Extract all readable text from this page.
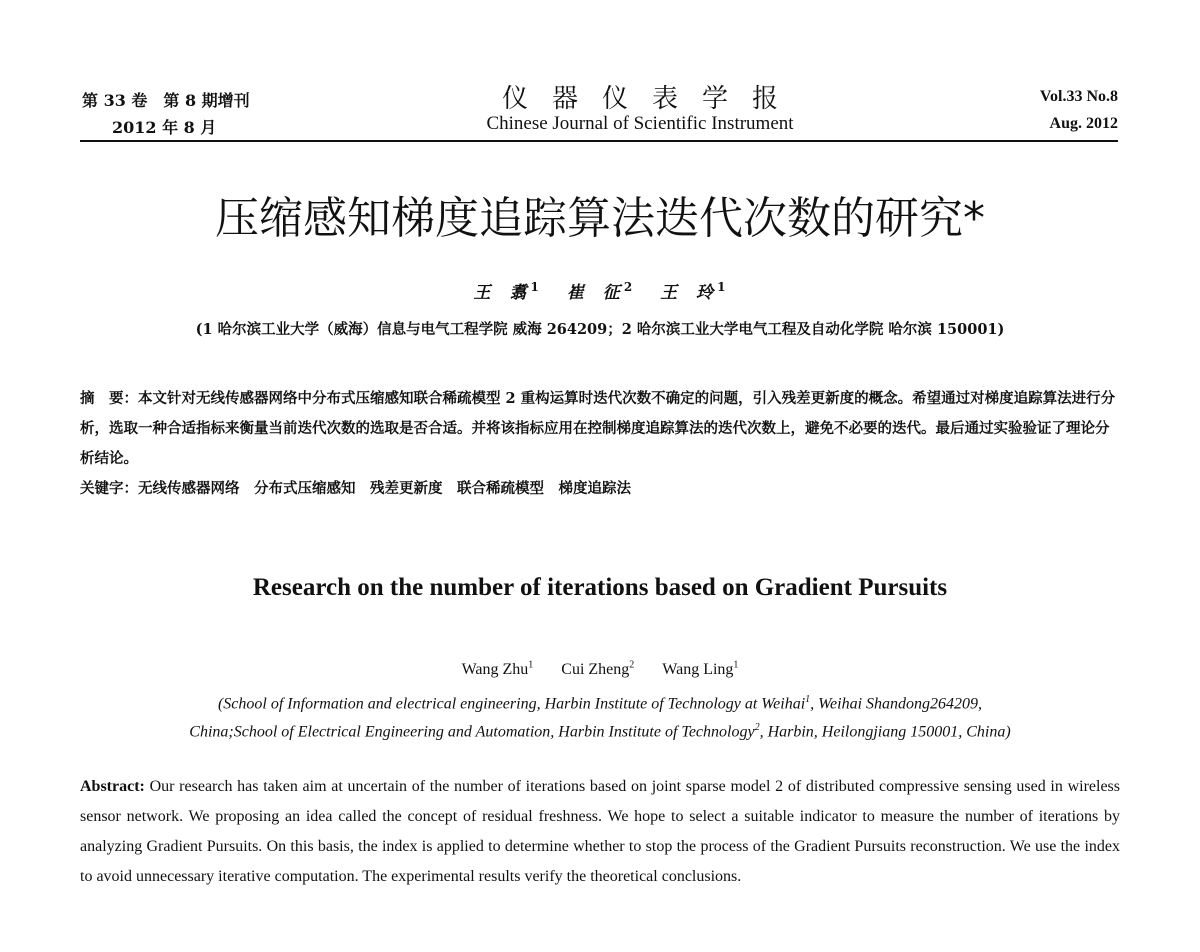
第 33 卷　第 8 期增刊
2012 年 8 月
仪器仪表学报
Chinese Journal of Scientific Instrument
Vol.33 No.8
Aug. 2012
压缩感知梯度追踪算法迭代次数的研究*
王　翥 $^1$ 崔　征 $^2$ 王　玲 $^1$
(1 哈尔滨工业大学（威海）信息与电气工程学院 威海 264209；2 哈尔滨工业大学电气工程及自动化学院 哈尔滨 150001)
摘　要：本文针对无线传感器网络中分布式压缩感知联合稀疏模型 2 重构运算时迭代次数不确定的问题，引入残差更新度的概念。希望通过对梯度追踪算法进行分析，选取一种合适指标来衡量当前迭代次数的选取是否合适。并将该指标应用在控制梯度追踪算法的迭代次数上，避免不必要的迭代。最后通过实验验证了理论分析结论。
关键字：无线传感器网络　分布式压缩感知　残差更新度　联合稀疏模型　梯度追踪法
Research on the number of iterations based on Gradient Pursuits
Wang Zhu$^1$ Cui Zheng$^2$ Wang Ling$^1$
(School of Information and electrical engineering, Harbin Institute of Technology at Weihai$^1$, Weihai Shandong264209,
China;School of Electrical Engineering and Automation, Harbin Institute of Technology$^2$, Harbin, Heilongjiang 150001, China)
Abstract: Our research has taken aim at uncertain of the number of iterations based on joint sparse model 2 of distributed compressive sensing used in wireless sensor network. We proposing an idea called the concept of residual freshness. We hope to select a suitable indicator to measure the number of iterations by analyzing Gradient Pursuits. On this basis, the index is applied to determine whether to stop the process of the Gradient Pursuits reconstruction. We use the index to avoid unnecessary iterative computation. The experimental results verify the theoretical conclusions.
